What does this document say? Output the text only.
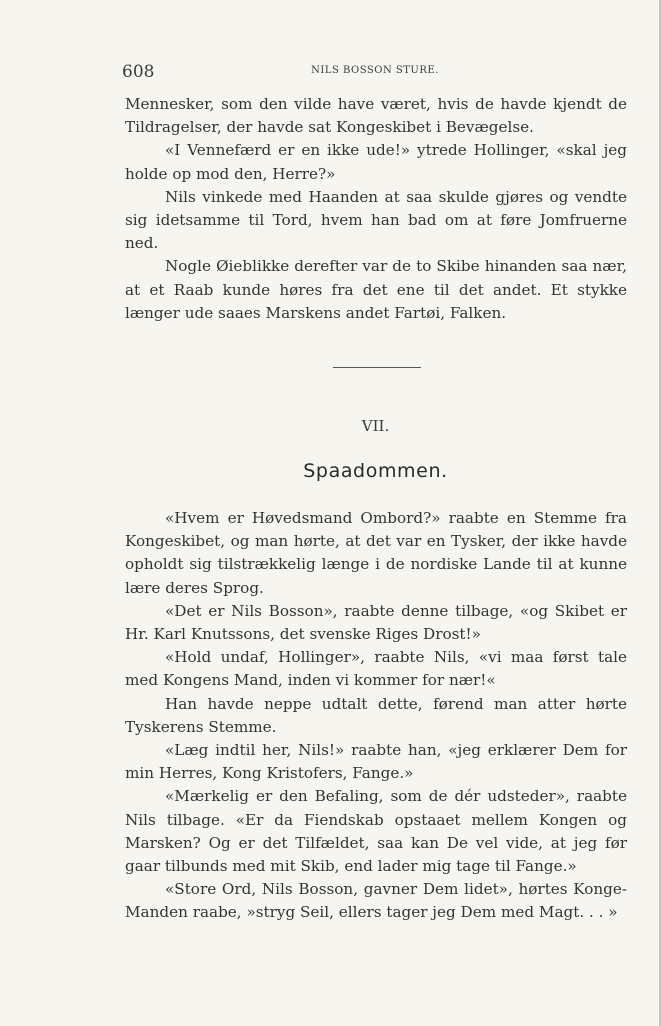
608	NILS BOSSON STURE.

Mennesker, som den vilde have været, hvis de havde kjendt de Tildragelser, der havde sat Kongeskibet i Bevægelse.

«I Vennefærd er en ikke ude!» ytrede Hollinger, «skal jeg holde op mod den, Herre?»

Nils vinkede med Haanden at saa skulde gjøres og vendte sig idetsamme til Tord, hvem han bad om at føre Jomfruerne ned.

Nogle Øieblikke derefter var de to Skibe hinanden saa nær, at et Raab kunde høres fra det ene til det andet. Et stykke længer ude saaes Marskens andet Fartøi, Falken.

VII.
Spaadommen.

«Hvem er Høvedsmand Ombord?» raabte en Stemme fra Kongeskibet, og man hørte, at det var en Tysker, der ikke havde opholdt sig tilstrækkelig længe i de nordiske Lande til at kunne lære deres Sprog.

«Det er Nils Bosson», raabte denne tilbage, «og Skibet er Hr. Karl Knutssons, det svenske Riges Drost!»

«Hold undaf, Hollinger», raabte Nils, «vi maa først tale med Kongens Mand, inden vi kommer for nær!«

Han havde neppe udtalt dette, førend man atter hørte Tyskerens Stemme.

«Læg indtil her, Nils!» raabte han, «jeg erklærer Dem for min Herres, Kong Kristofers, Fange.»

«Mærkelig er den Befaling, som de dér udsteder», raabte Nils tilbage. «Er da Fiendskab opstaaet mellem Kongen og Marsken? Og er det Tilfældet, saa kan De vel vide, at jeg før gaar tilbunds med mit Skib, end lader mig tage til Fange.»

«Store Ord, Nils Bosson, gavner Dem lidet», hørtes Konge-Manden raabe, »stryg Seil, ellers tager jeg Dem med Magt. . . »
